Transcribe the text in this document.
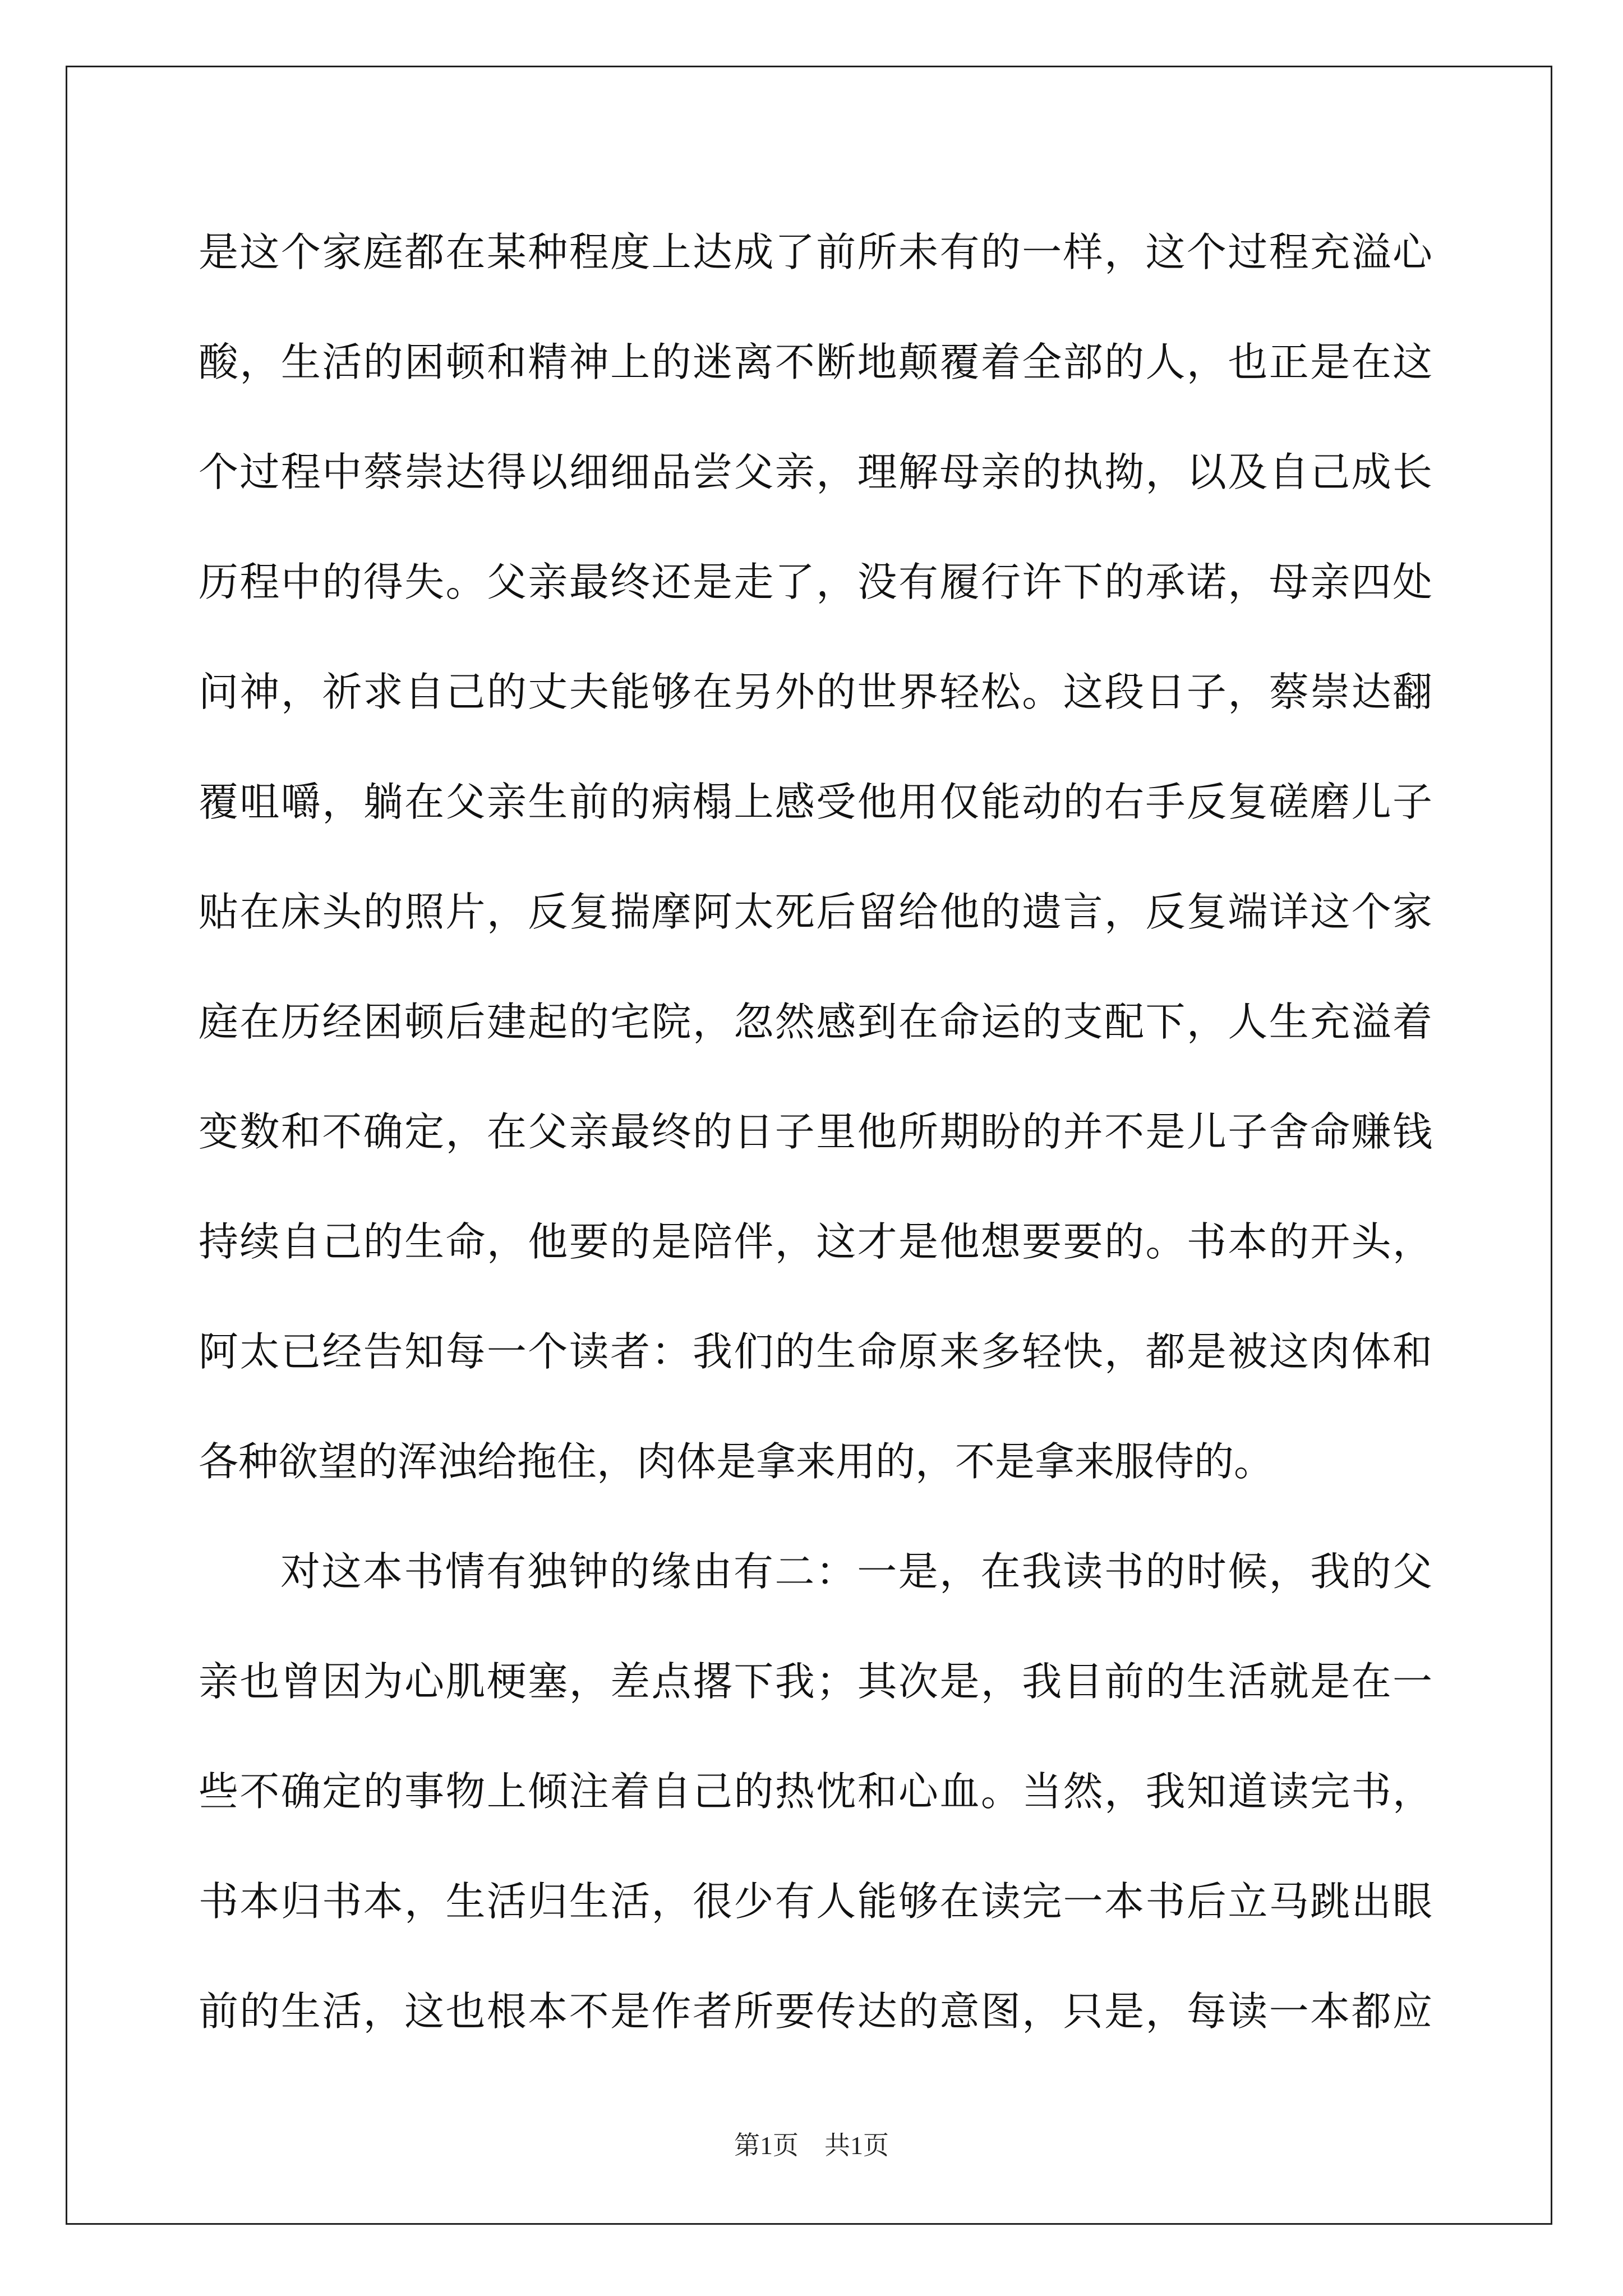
是这个家庭都在某种程度上达成了前所未有的一样，这个过程充溢心
酸，生活的困顿和精神上的迷离不断地颠覆着全部的人，也正是在这
个过程中蔡崇达得以细细品尝父亲，理解母亲的执拗，以及自己成长
历程中的得失。父亲最终还是走了，没有履行许下的承诺，母亲四处
问神，祈求自己的丈夫能够在另外的世界轻松。这段日子，蔡崇达翻
覆咀嚼，躺在父亲生前的病榻上感受他用仅能动的右手反复磋磨儿子
贴在床头的照片，反复揣摩阿太死后留给他的遗言，反复端详这个家
庭在历经困顿后建起的宅院，忽然感到在命运的支配下，人生充溢着
变数和不确定，在父亲最终的日子里他所期盼的并不是儿子舍命赚钱
持续自己的生命，他要的是陪伴，这才是他想要要的。书本的开头，
阿太已经告知每一个读者：我们的生命原来多轻快，都是被这肉体和
各种欲望的浑浊给拖住，肉体是拿来用的，不是拿来服侍的。
对这本书情有独钟的缘由有二：一是，在我读书的时候，我的父
亲也曾因为心肌梗塞，差点撂下我；其次是，我目前的生活就是在一
些不确定的事物上倾注着自己的热忱和心血。当然，我知道读完书，
书本归书本，生活归生活，很少有人能够在读完一本书后立马跳出眼
前的生活，这也根本不是作者所要传达的意图，只是，每读一本都应
第1页　共1页
